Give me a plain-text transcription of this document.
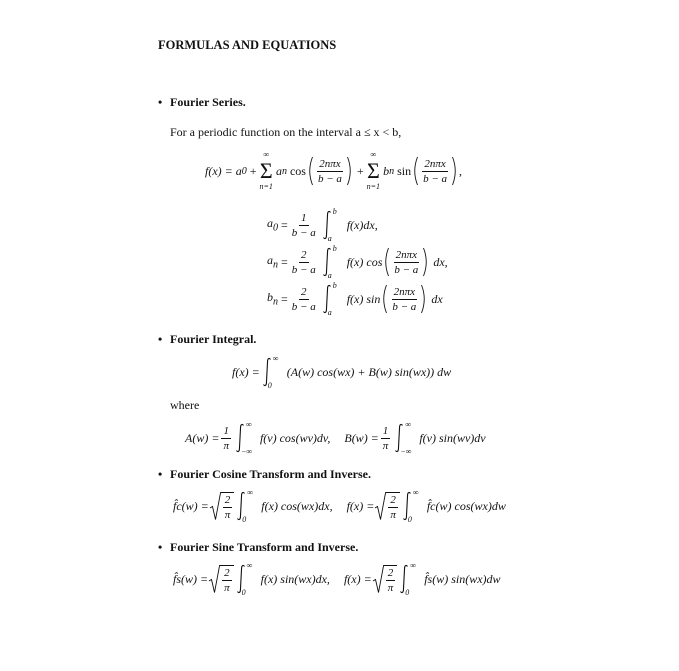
FORMULAS AND EQUATIONS
• Fourier Series.
For a periodic function on the interval a ≤ x < b,
f(x) = a 0
+
∞
Σ
n=1
a n
$\cos \frac{\text{2nπx}}{b - a}$
+
∞
Σ
n=1
b n
$\sin \frac{\text{2nπx}}{b - a}$ ,
$a_0$
= $\frac{1}{b - a}$ b
a
f(x)dx,
$a_n$
= $\frac{2}{b - a}$ b
a
f(x) $\cos \frac{\text{2nπx}}{b - a}$
dx,
$b_n$
= $\frac{2}{b - a}$ b
a
f(x) $\sin \frac{\text{2nπx}}{b - a}$
dx
• Fourier Integral.
f(x) =
∞
0
(A(w) cos(wx) + B(w) sin(wx)) dw
where
$A(w) = \frac{1}{\pi}$ ∞
−∞
f(v) cos(wv)dv, $B(w) = \frac{1}{\pi}$ ∞
−∞
f(v) sin(wv)dv
• Fourier Cosine Transform and Inverse.
f̂c(w) = $\frac{2}{\pi}$
∞
0
f(x) cos(wx)dx, $f(x) = \frac{2}{\pi}$
∞
0
f̂c(w) cos(wx)dw
• Fourier Sine Transform and Inverse.
f̂s(w) = $\frac{2}{\pi}$
∞
0
f(x) sin(wx)dx, $f(x) = \frac{2}{\pi}$
∞
0
f̂s(w) sin(wx)dw
